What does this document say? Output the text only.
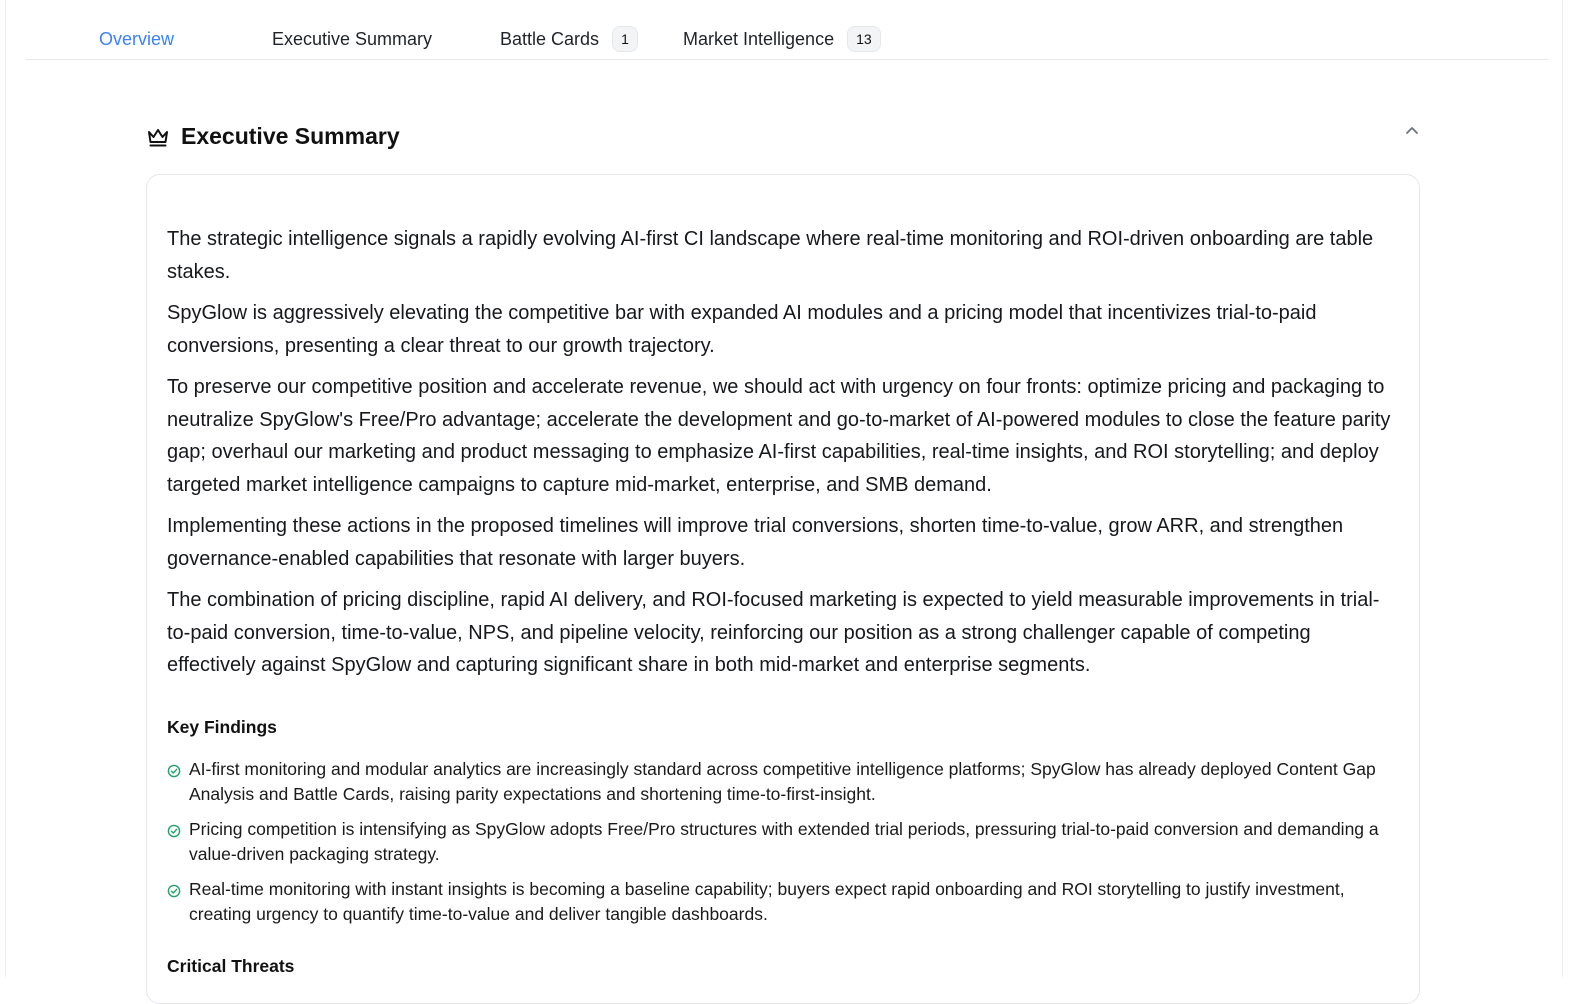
Overview	Executive Summary	Battle Cards	1	Market Intelligence	13
Executive Summary

The strategic intelligence signals a rapidly evolving AI-first CI landscape where real-time monitoring and ROI-driven onboarding are table stakes.

SpyGlow is aggressively elevating the competitive bar with expanded AI modules and a pricing model that incentivizes trial-to-paid conversions, presenting a clear threat to our growth trajectory.

To preserve our competitive position and accelerate revenue, we should act with urgency on four fronts: optimize pricing and packaging to neutralize SpyGlow's Free/Pro advantage; accelerate the development and go-to-market of AI-powered modules to close the feature parity gap; overhaul our marketing and product messaging to emphasize AI-first capabilities, real-time insights, and ROI storytelling; and deploy targeted market intelligence campaigns to capture mid-market, enterprise, and SMB demand.

Implementing these actions in the proposed timelines will improve trial conversions, shorten time-to-value, grow ARR, and strengthen governance-enabled capabilities that resonate with larger buyers.

The combination of pricing discipline, rapid AI delivery, and ROI-focused marketing is expected to yield measurable improvements in trial-to-paid conversion, time-to-value, NPS, and pipeline velocity, reinforcing our position as a strong challenger capable of competing effectively against SpyGlow and capturing significant share in both mid-market and enterprise segments.

Key Findings
AI-first monitoring and modular analytics are increasingly standard across competitive intelligence platforms; SpyGlow has already deployed Content Gap Analysis and Battle Cards, raising parity expectations and shortening time-to-first-insight.
Pricing competition is intensifying as SpyGlow adopts Free/Pro structures with extended trial periods, pressuring trial-to-paid conversion and demanding a value-driven packaging strategy.
Real-time monitoring with instant insights is becoming a baseline capability; buyers expect rapid onboarding and ROI storytelling to justify investment, creating urgency to quantify time-to-value and deliver tangible dashboards.
Critical Threats
